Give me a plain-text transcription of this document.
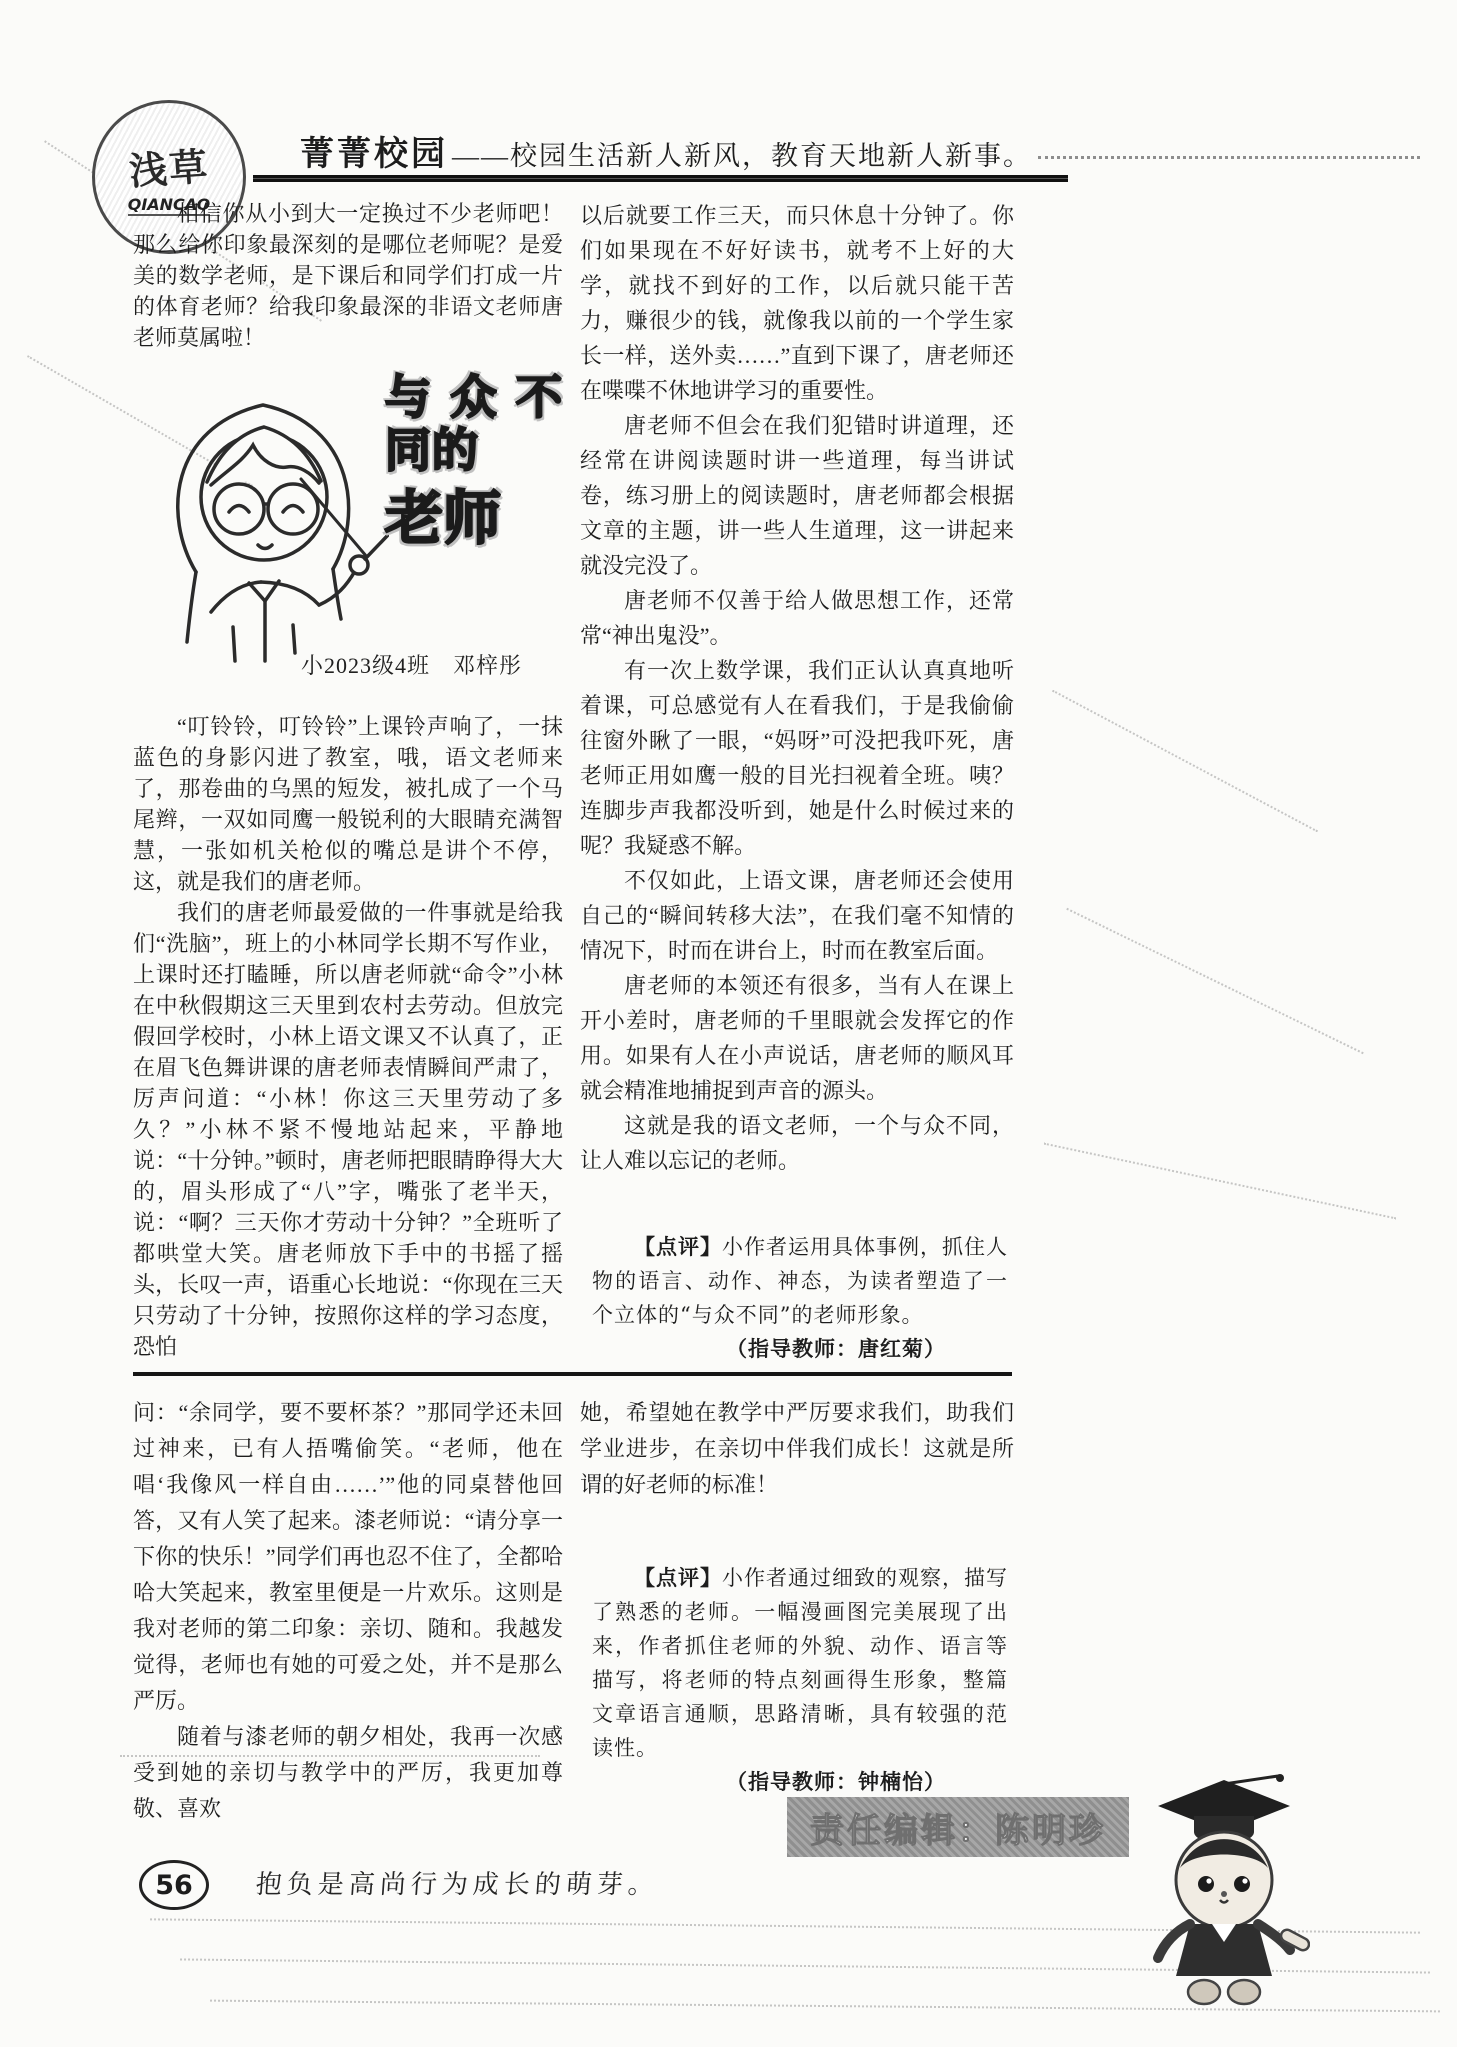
浅草
QIANCAO
菁菁校园 ——校园生活新人新风，教育天地新人新事。

相信你从小到大一定换过不少老师吧！那么给你印象最深刻的是哪位老师呢？是爱美的数学老师，是下课后和同学们打成一片的体育老师？给我印象最深的非语文老师唐老师莫属啦！

与众不同的
老师
小2023级4班　邓梓彤

“叮铃铃，叮铃铃”上课铃声响了，一抹蓝色的身影闪进了教室，哦，语文老师来了，那卷曲的乌黑的短发，被扎成了一个马尾辫，一双如同鹰一般锐利的大眼睛充满智慧，一张如机关枪似的嘴总是讲个不停，这，就是我们的唐老师。

我们的唐老师最爱做的一件事就是给我们“洗脑”，班上的小林同学长期不写作业，上课时还打瞌睡，所以唐老师就“命令”小林在中秋假期这三天里到农村去劳动。但放完假回学校时，小林上语文课又不认真了，正在眉飞色舞讲课的唐老师表情瞬间严肃了，厉声问道：“小林！你这三天里劳动了多久？”小林不紧不慢地站起来，平静地说：“十分钟。”顿时，唐老师把眼睛睁得大大的，眉头形成了“八”字，嘴张了老半天，说：“啊？三天你才劳动十分钟？”全班听了都哄堂大笑。唐老师放下手中的书摇了摇头，长叹一声，语重心长地说：“你现在三天只劳动了十分钟，按照你这样的学习态度，恐怕

以后就要工作三天，而只休息十分钟了。你们如果现在不好好读书，就考不上好的大学，就找不到好的工作，以后就只能干苦力，赚很少的钱，就像我以前的一个学生家长一样，送外卖……”直到下课了，唐老师还在喋喋不休地讲学习的重要性。

唐老师不但会在我们犯错时讲道理，还经常在讲阅读题时讲一些道理，每当讲试卷，练习册上的阅读题时，唐老师都会根据文章的主题，讲一些人生道理，这一讲起来就没完没了。

唐老师不仅善于给人做思想工作，还常常“神出鬼没”。

有一次上数学课，我们正认认真真地听着课，可总感觉有人在看我们，于是我偷偷往窗外瞅了一眼，“妈呀”可没把我吓死，唐老师正用如鹰一般的目光扫视着全班。咦？连脚步声我都没听到，她是什么时候过来的呢？我疑惑不解。

不仅如此，上语文课，唐老师还会使用自己的“瞬间转移大法”，在我们毫不知情的情况下，时而在讲台上，时而在教室后面。

唐老师的本领还有很多，当有人在课上开小差时，唐老师的千里眼就会发挥它的作用。如果有人在小声说话，唐老师的顺风耳就会精准地捕捉到声音的源头。

这就是我的语文老师，一个与众不同，让人难以忘记的老师。

【点评】小作者运用具体事例，抓住人物的语言、动作、神态，为读者塑造了一个立体的“与众不同”的老师形象。

（指导教师：唐红菊）

问：“余同学，要不要杯茶？”那同学还未回过神来，已有人捂嘴偷笑。“老师，他在唱‘我像风一样自由……’”他的同桌替他回答，又有人笑了起来。漆老师说：“请分享一下你的快乐！”同学们再也忍不住了，全都哈哈大笑起来，教室里便是一片欢乐。这则是我对老师的第二印象：亲切、随和。我越发觉得，老师也有她的可爱之处，并不是那么严厉。

随着与漆老师的朝夕相处，我再一次感受到她的亲切与教学中的严厉，我更加尊敬、喜欢

她，希望她在教学中严厉要求我们，助我们学业进步，在亲切中伴我们成长！这就是所谓的好老师的标准！

【点评】小作者通过细致的观察，描写了熟悉的老师。一幅漫画图完美展现了出来，作者抓住老师的外貌、动作、语言等描写，将老师的特点刻画得生形象，整篇文章语言通顺，思路清晰，具有较强的范读性。

（指导教师：钟楠怡）

56	抱负是高尚行为成长的萌芽。
责任编辑：陈明珍
